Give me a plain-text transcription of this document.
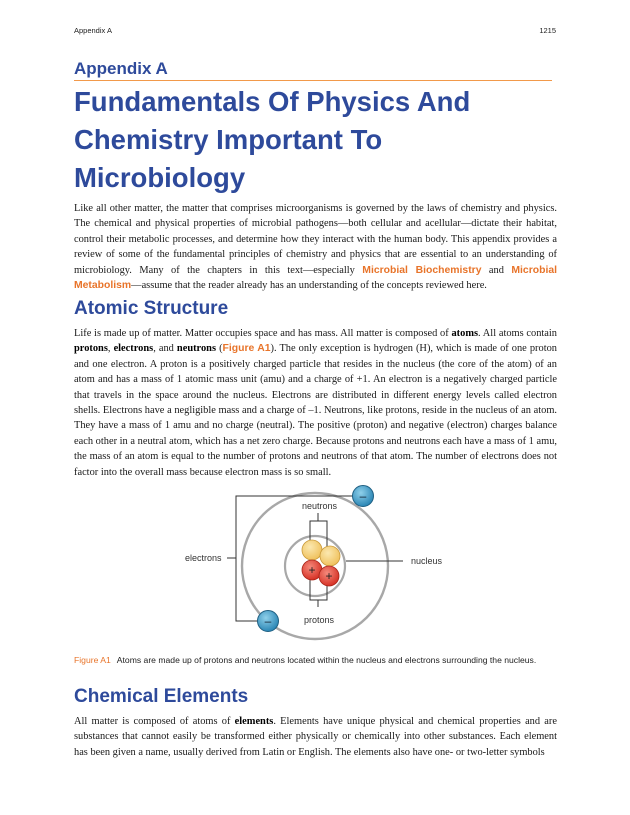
Appendix A	1215
Appendix A
Fundamentals Of Physics And Chemistry Important To Microbiology

Like all other matter, the matter that comprises microorganisms is governed by the laws of chemistry and physics. The chemical and physical properties of microbial pathogens—both cellular and acellular—dictate their habitat, control their metabolic processes, and determine how they interact with the human body. This appendix provides a review of some of the fundamental principles of chemistry and physics that are essential to an understanding of microbiology. Many of the chapters in this text—especially Microbial Biochemistry and Microbial Metabolism—assume that the reader already has an understanding of the concepts reviewed here.

Atomic Structure

Life is made up of matter. Matter occupies space and has mass. All matter is composed of atoms. All atoms contain protons, electrons, and neutrons (Figure A1). The only exception is hydrogen (H), which is made of one proton and one electron. A proton is a positively charged particle that resides in the nucleus (the core of the atom) of an atom and has a mass of 1 atomic mass unit (amu) and a charge of +1. An electron is a negatively charged particle that travels in the space around the nucleus. Electrons are distributed in different energy levels called electron shells. Electrons have a negligible mass and a charge of –1. Neutrons, like protons, reside in the nucleus of an atom. They have a mass of 1 amu and no charge (neutral). The positive (proton) and negative (electron) charges balance each other in a neutral atom, which has a net zero charge. Because protons and neutrons each have a mass of 1 amu, the mass of an atom is equal to the number of protons and neutrons of that atom. The number of electrons does not factor into the overall mass because electron mass is so small.

electrons	nucleus
neutrons
protons
+ +
–
–
Figure A1 Atoms are made up of protons and neutrons located within the nucleus and electrons surrounding the nucleus.
Chemical Elements

All matter is composed of atoms of elements. Elements have unique physical and chemical properties and are substances that cannot easily be transformed either physically or chemically into other substances. Each element has been given a name, usually derived from Latin or English. The elements also have one- or two-letter symbols
